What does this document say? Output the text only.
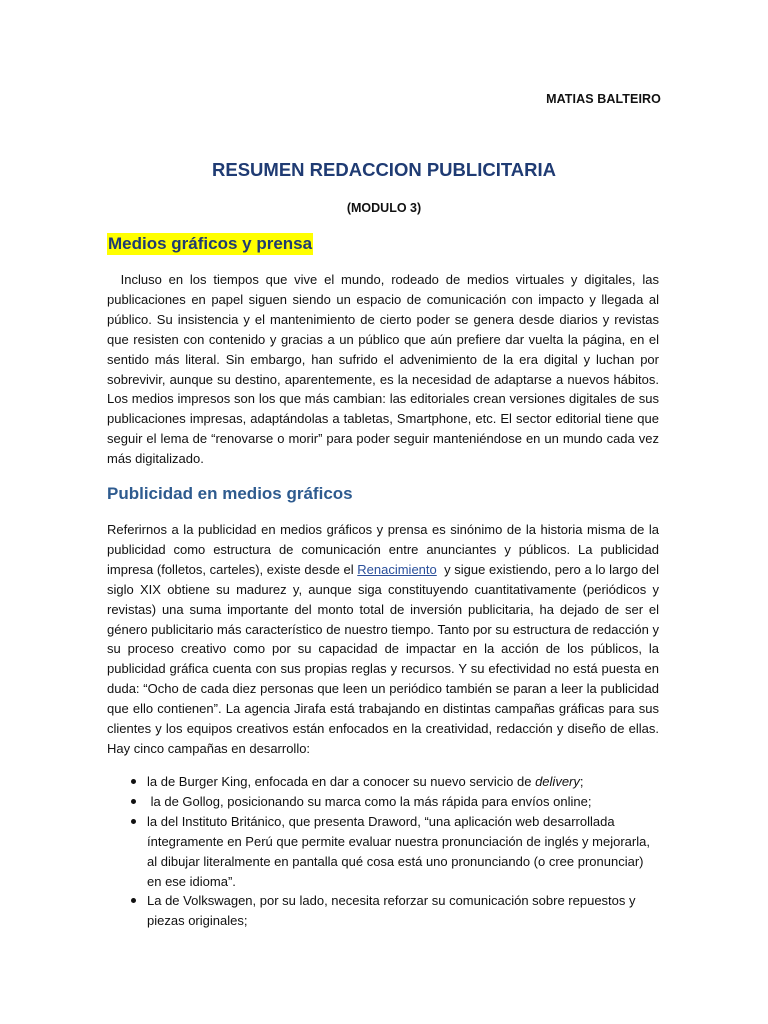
MATIAS BALTEIRO
RESUMEN REDACCION PUBLICITARIA
(MODULO 3)
Medios gráficos y prensa

Incluso en los tiempos que vive el mundo, rodeado de medios virtuales y digitales, las publicaciones en papel siguen siendo un espacio de comunicación con impacto y llegada al público. Su insistencia y el mantenimiento de cierto poder se genera desde diarios y revistas que resisten con contenido y gracias a un público que aún prefiere dar vuelta la página, en el sentido más literal. Sin embargo, han sufrido el advenimiento de la era digital y luchan por sobrevivir, aunque su destino, aparentemente, es la necesidad de adaptarse a nuevos hábitos. Los medios impresos son los que más cambian: las editoriales crean versiones digitales de sus publicaciones impresas, adaptándolas a tabletas, Smartphone, etc. El sector editorial tiene que seguir el lema de “renovarse o morir” para poder seguir manteniéndose en un mundo cada vez más digitalizado.

Publicidad en medios gráficos

Referirnos a la publicidad en medios gráficos y prensa es sinónimo de la historia misma de la publicidad como estructura de comunicación entre anunciantes y públicos. La publicidad impresa (folletos, carteles), existe desde el Renacimiento  y sigue existiendo, pero a lo largo del siglo XIX obtiene su madurez y, aunque siga constituyendo cuantitativamente (periódicos y revistas) una suma importante del monto total de inversión publicitaria, ha dejado de ser el género publicitario más característico de nuestro tiempo. Tanto por su estructura de redacción y su proceso creativo como por su capacidad de impactar en la acción de los públicos, la publicidad gráfica cuenta con sus propias reglas y recursos. Y su efectividad no está puesta en duda: “Ocho de cada diez personas que leen un periódico también se paran a leer la publicidad que ello contienen”. La agencia Jirafa está trabajando en distintas campañas gráficas para sus clientes y los equipos creativos están enfocados en la creatividad, redacción y diseño de ellas. Hay cinco campañas en desarrollo:

la de Burger King, enfocada en dar a conocer su nuevo servicio de delivery;
la de Gollog, posicionando su marca como la más rápida para envíos online;
la del Instituto Británico, que presenta Draword, “una aplicación web desarrollada íntegramente en Perú que permite evaluar nuestra pronunciación de inglés y mejorarla, al dibujar literalmente en pantalla qué cosa está uno pronunciando (o cree pronunciar) en ese idioma”.
La de Volkswagen, por su lado, necesita reforzar su comunicación sobre repuestos y piezas originales;
